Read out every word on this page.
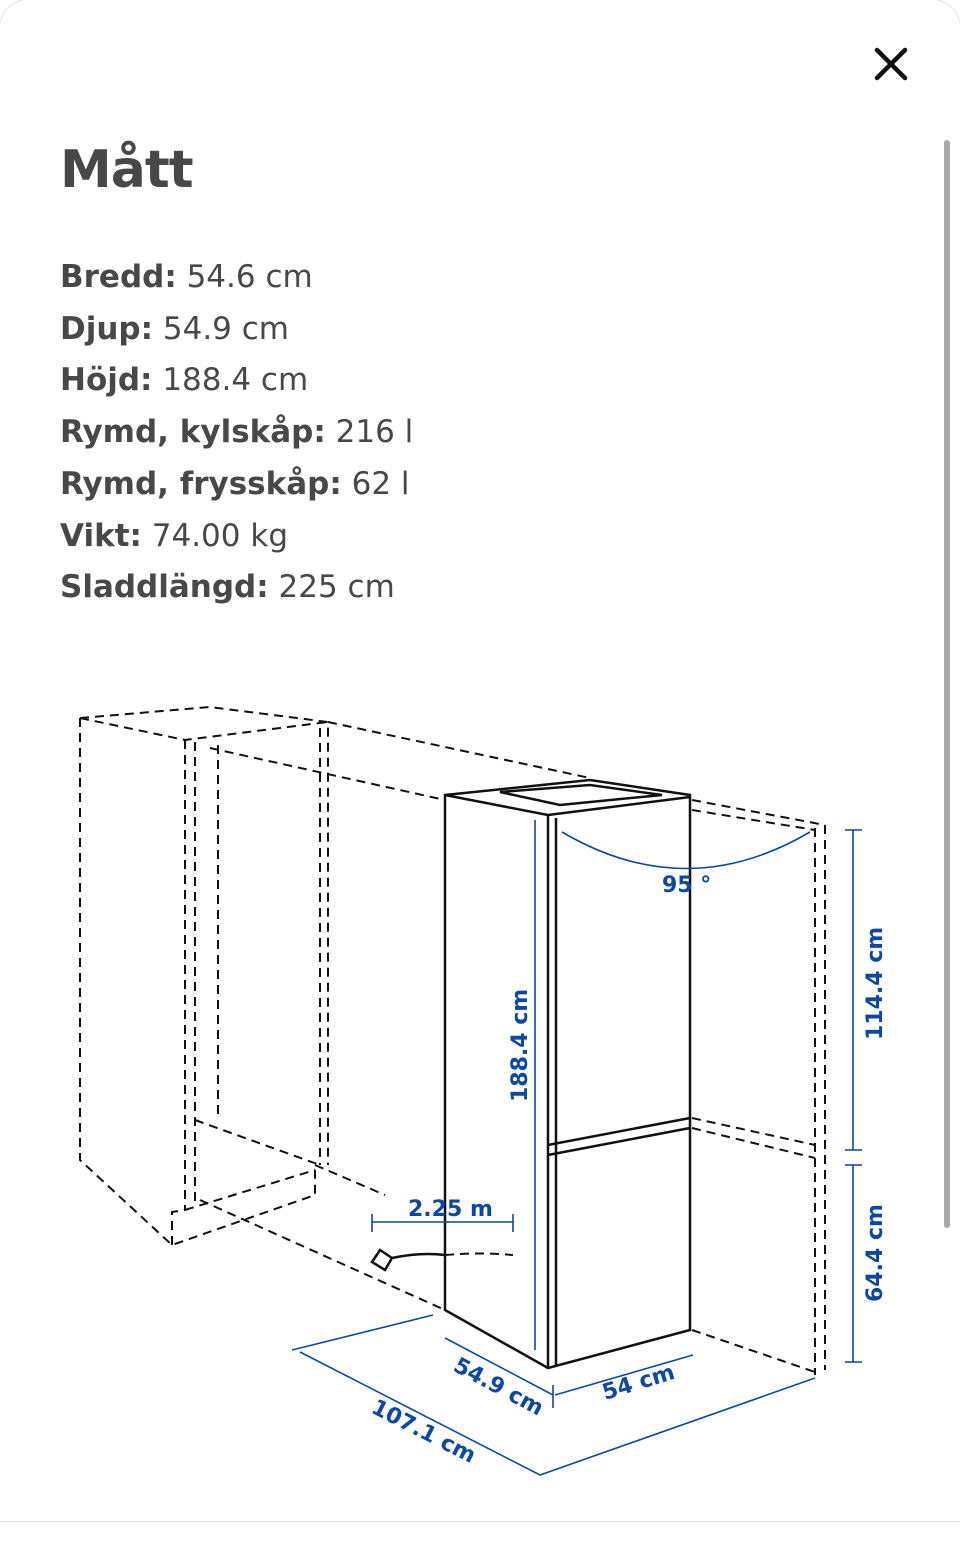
Mått
Bredd: 54.6 cm
Djup: 54.9 cm
Höjd: 188.4 cm
Rymd, kylskåp: 216 l
Rymd, frysskåp: 62 l
Vikt: 74.00 kg
Sladdlängd: 225 cm
188.4 cm
95 °
114.4 cm
64.4 cm
2.25 m
54.9 cm 54 cm
107.1 cm
